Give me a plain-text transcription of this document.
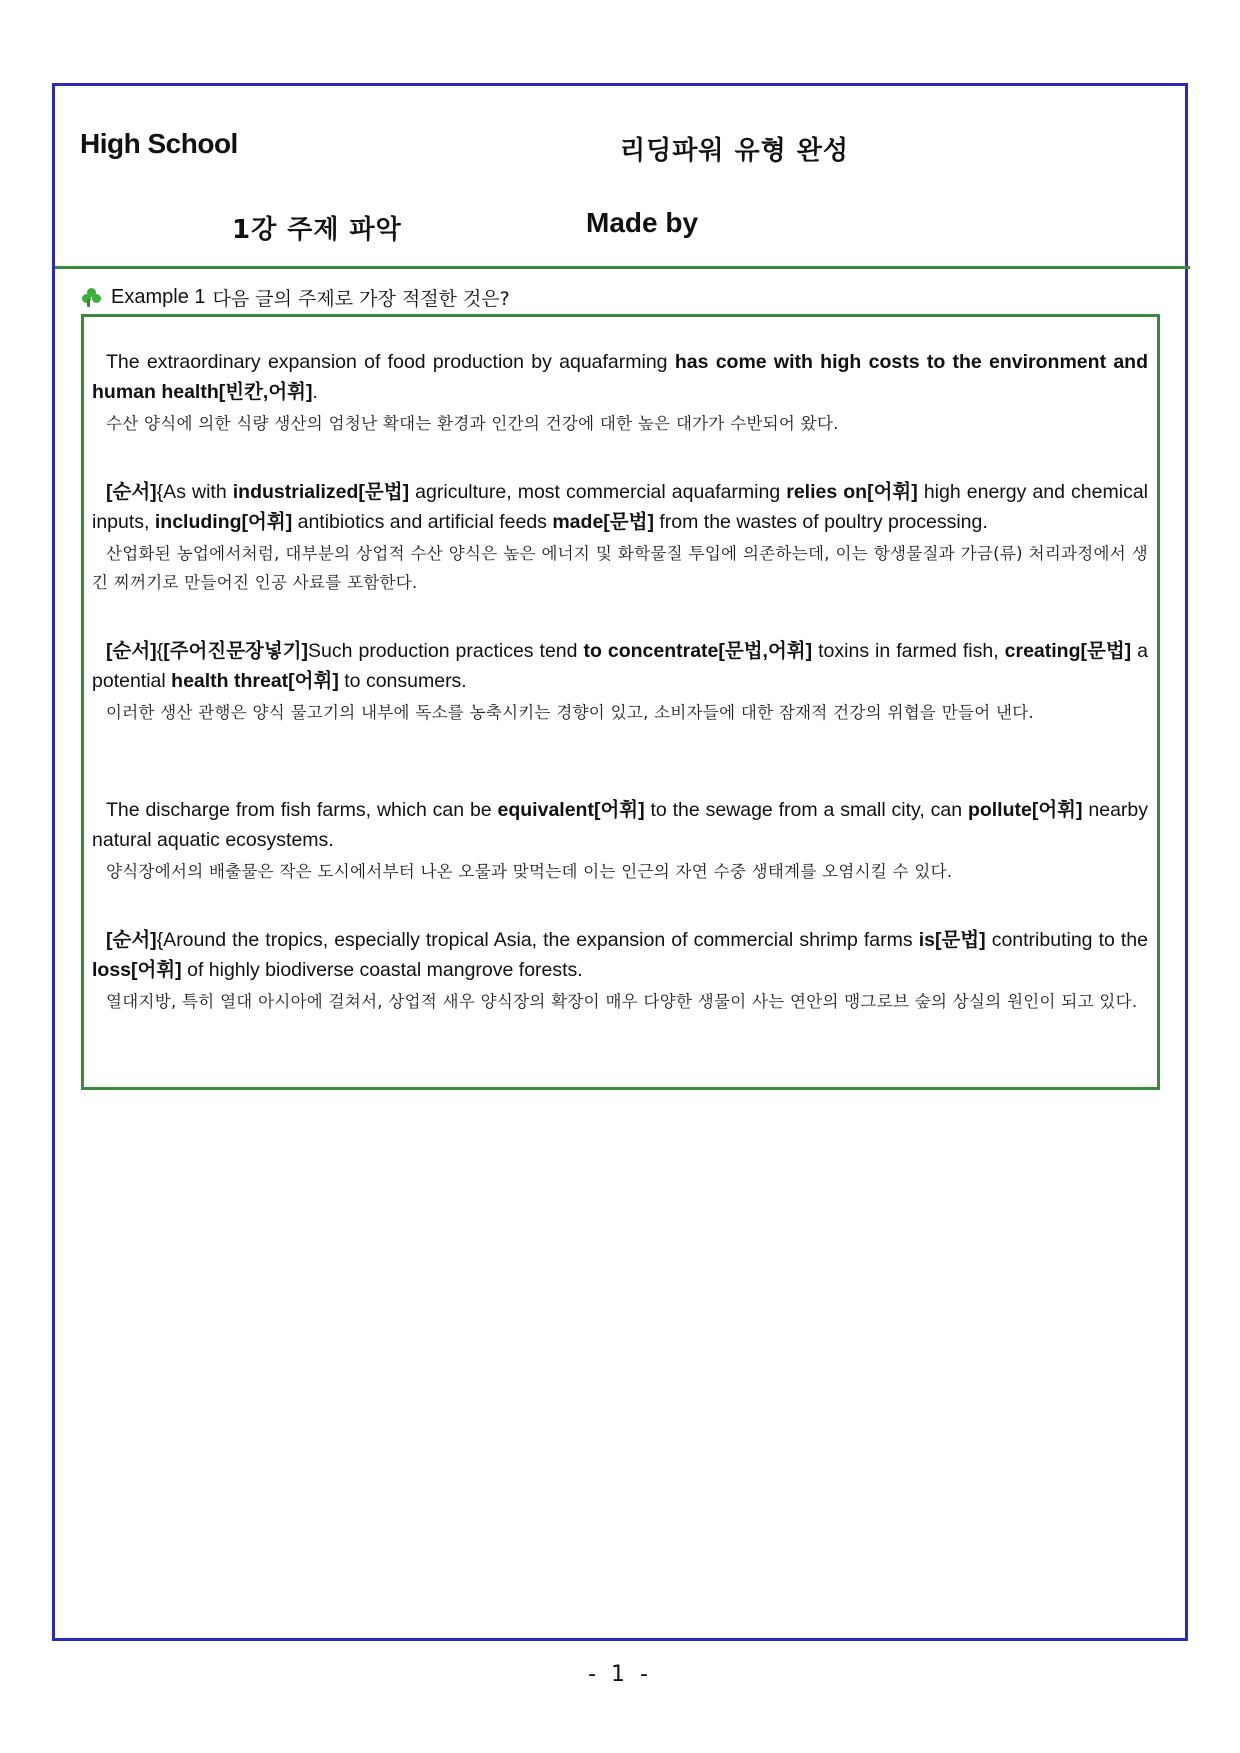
High School	리딩파워 유형 완성
1강 주제 파악	Made by
Example 1 다음 글의 주제로 가장 적절한 것은?
The extraordinary expansion of food production by aquafarming has come with high costs to the environment and human health[빈칸,어휘].
수산 양식에 의한 식량 생산의 엄청난 확대는 환경과 인간의 건강에 대한 높은 대가가 수반되어 왔다.
[순서]{As with industrialized[문법] agriculture, most commercial aquafarming relies on[어휘] high energy and chemical inputs, including[어휘] antibiotics and artificial feeds made[문법] from the wastes of poultry processing.
산업화된 농업에서처럼, 대부분의 상업적 수산 양식은 높은 에너지 및 화학물질 투입에 의존하는데, 이는 항생물질과 가금(류) 처리과정에서 생긴 찌꺼기로 만들어진 인공 사료를 포함한다.
[순서]{[주어진문장넣기]Such production practices tend to concentrate[문법,어휘] toxins in farmed fish, creating[문법] a potential health threat[어휘] to consumers.
이러한 생산 관행은 양식 물고기의 내부에 독소를 농축시키는 경향이 있고, 소비자들에 대한 잠재적 건강의 위협을 만들어 낸다.
The discharge from fish farms, which can be equivalent[어휘] to the sewage from a small city, can pollute[어휘] nearby natural aquatic ecosystems.
양식장에서의 배출물은 작은 도시에서부터 나온 오물과 맞먹는데 이는 인근의 자연 수중 생태계를 오염시킬 수 있다.
[순서]{Around the tropics, especially tropical Asia, the expansion of commercial shrimp farms is[문법] contributing to the loss[어휘] of highly biodiverse coastal mangrove forests.
열대지방, 특히 열대 아시아에 걸쳐서, 상업적 새우 양식장의 확장이 매우 다양한 생물이 사는 연안의 맹그로브 숲의 상실의 원인이 되고 있다.
- 1 -
